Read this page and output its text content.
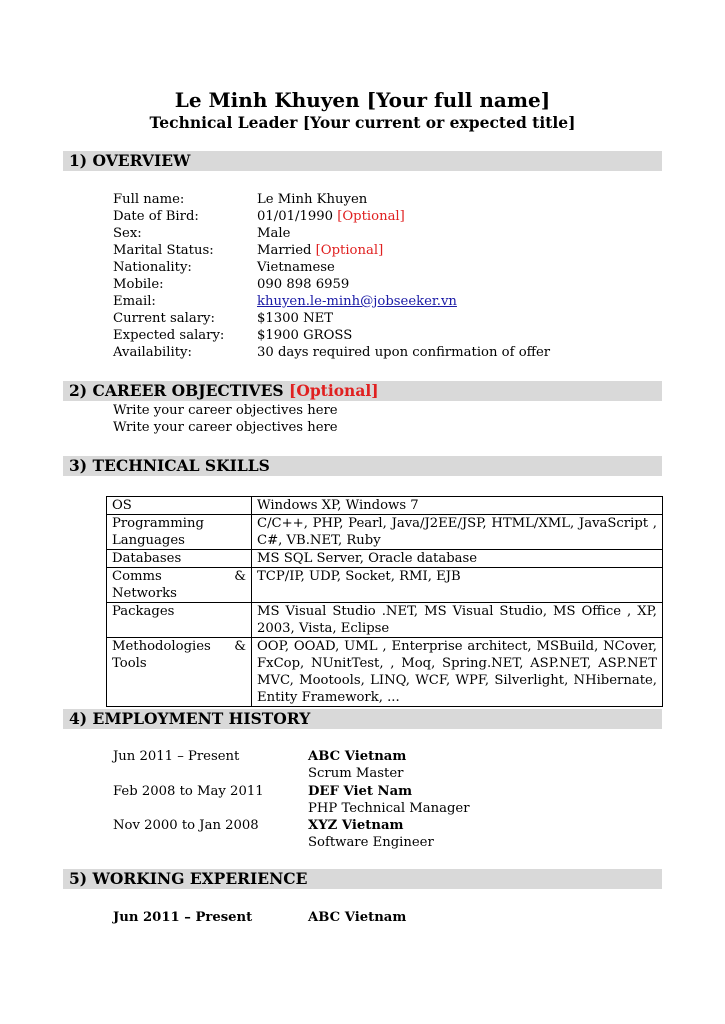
Le Minh Khuyen [Your full name]
Technical Leader [Your current or expected title]
1) OVERVIEW
Full name:	Le Minh Khuyen
Date of Bird:	01/01/1990 [Optional]
Sex:	Male
Marital Status:	Married [Optional]
Nationality:	Vietnamese
Mobile:	090 898 6959
Email:	khuyen.le-minh@jobseeker.vn
Current salary:	$1300 NET
Expected salary: $1900 GROSS
Availability:	30 days required upon confirmation of offer
2) CAREER OBJECTIVES [Optional]
Write your career objectives here
Write your career objectives here
3) TECHNICAL SKILLS
OS	Windows XP, Windows 7
Programming Languages	C/C++, PHP, Pearl, Java/J2EE/JSP, HTML/XML, JavaScript , C#, VB.NET, Ruby
Databases	MS SQL Server, Oracle database
Comms & Networks	TCP/IP, UDP, Socket, RMI, EJB
Packages	MS Visual Studio .NET, MS Visual Studio, MS Office , XP, 2003, Vista, Eclipse
Methodologies & Tools	OOP, OOAD, UML , Enterprise architect, MSBuild, NCover, FxCop, NUnitTest, , Moq, Spring.NET, ASP.NET, ASP.NET MVC, Mootools, LINQ, WCF, WPF, Silverlight, NHibernate, Entity Framework, ...
4) EMPLOYMENT HISTORY
Jun 2011 – Present	ABC Vietnam
Scrum Master
Feb 2008 to May 2011	DEF Viet Nam
PHP Technical Manager
Nov 2000 to Jan 2008	XYZ Vietnam
Software Engineer
5) WORKING EXPERIENCE
Jun 2011 – Present	ABC Vietnam
